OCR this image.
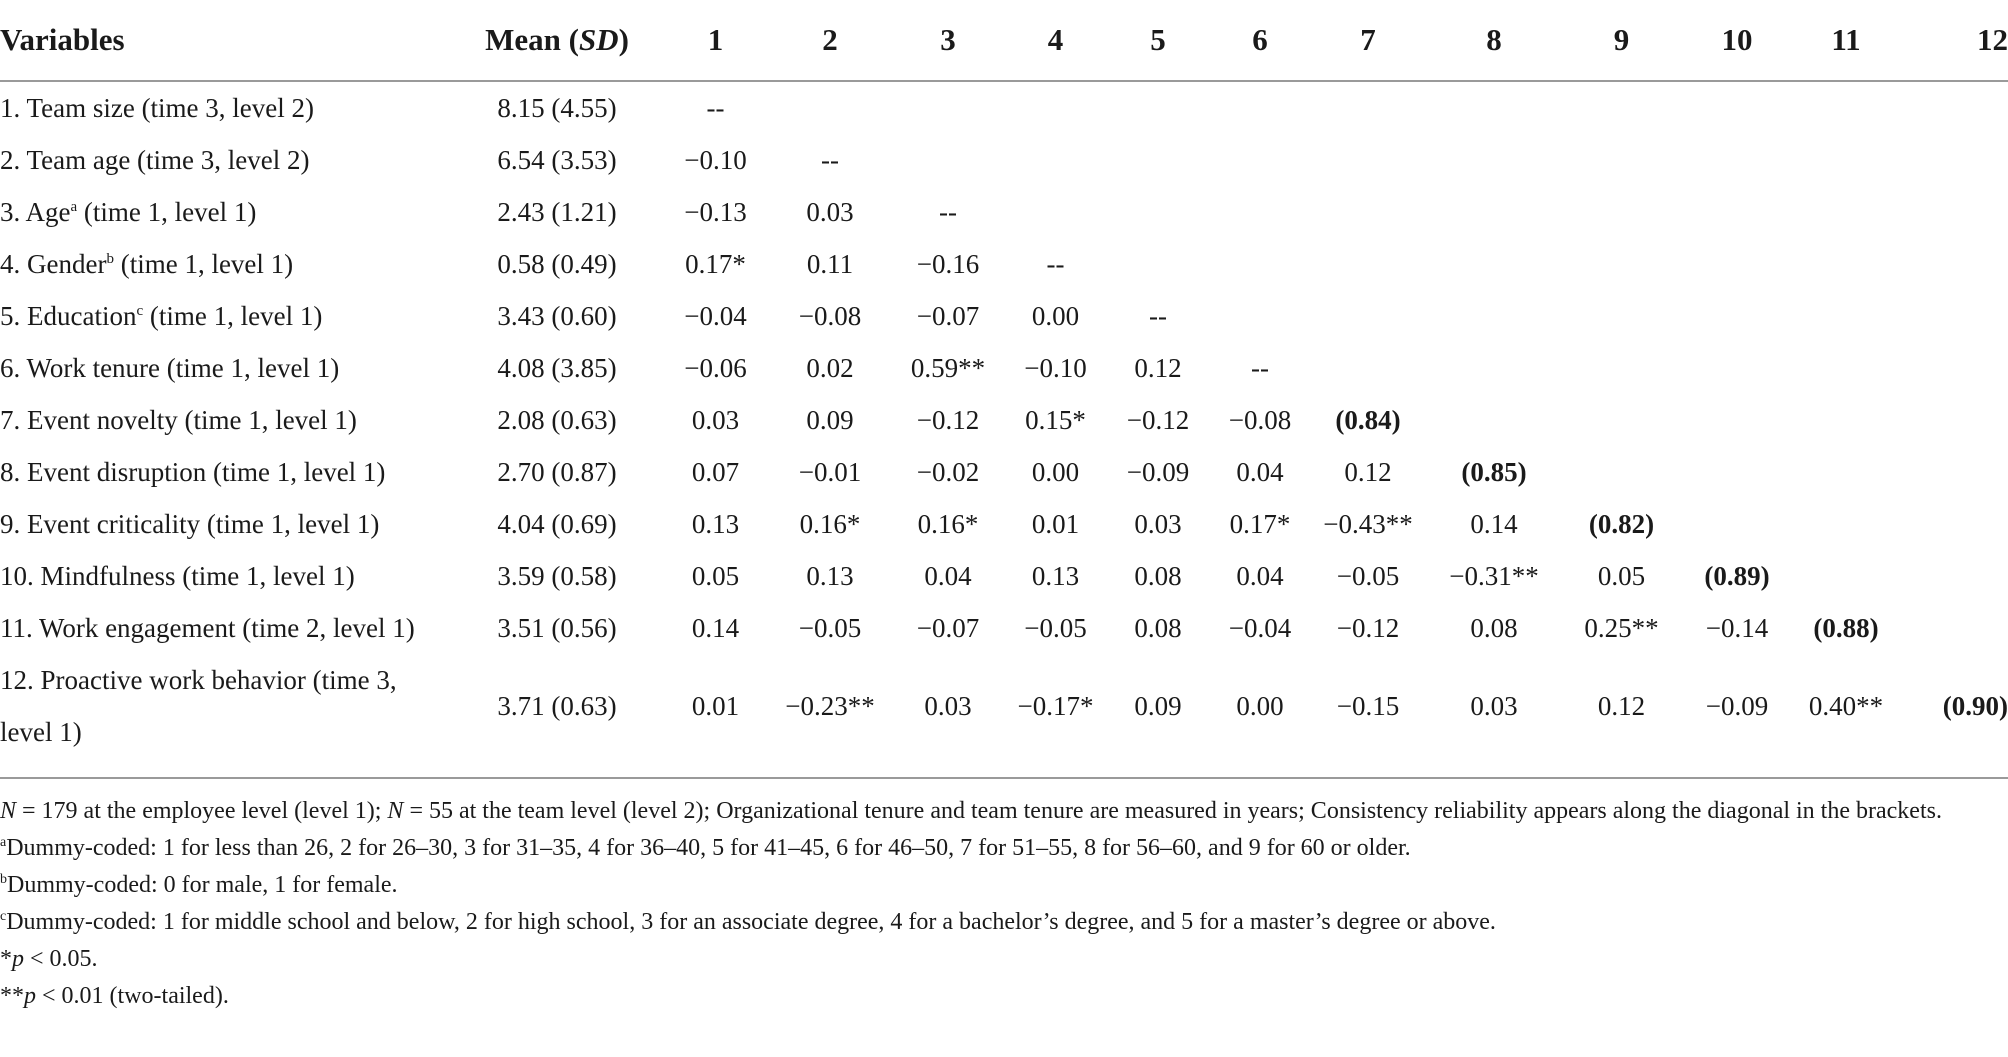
Variables	Mean (SD)	1	2	3	4	5	6	7	8	9	10	11	12
1. Team size (time 3, level 2)	8.15 (4.55)	--											
2. Team age (time 3, level 2)	6.54 (3.53)	−0.10	--										
3. Age$^a$ (time 1, level 1)	2.43 (1.21)	−0.13	0.03	--									
4. Gender$^b$ (time 1, level 1)	0.58 (0.49)	0.17*	0.11	−0.16	--								
5. Education$^c$ (time 1, level 1)	3.43 (0.60)	−0.04	−0.08	−0.07	0.00	--							
6. Work tenure (time 1, level 1)	4.08 (3.85)	−0.06	0.02	0.59**	−0.10	0.12	--						
7. Event novelty (time 1, level 1)	2.08 (0.63)	0.03	0.09	−0.12	0.15*	−0.12	−0.08	(0.84)					
8. Event disruption (time 1, level 1)	2.70 (0.87)	0.07	−0.01	−0.02	0.00	−0.09	0.04	0.12	(0.85)				
9. Event criticality (time 1, level 1)	4.04 (0.69)	0.13	0.16*	0.16*	0.01	0.03	0.17*	−0.43**	0.14	(0.82)			
10. Mindfulness (time 1, level 1)	3.59 (0.58)	0.05	0.13	0.04	0.13	0.08	0.04	−0.05	−0.31**	0.05	(0.89)		
11. Work engagement (time 2, level 1)	3.51 (0.56)	0.14	−0.05	−0.07	−0.05	0.08	−0.04	−0.12	0.08	0.25**	−0.14	(0.88)	
12. Proactive work behavior (time 3, level 1)	3.71 (0.63)	0.01	−0.23**	0.03	−0.17*	0.09	0.00	−0.15	0.03	0.12	−0.09	0.40**	(0.90)

N = 179 at the employee level (level 1); N = 55 at the team level (level 2); Organizational tenure and team tenure are measured in years; Consistency reliability appears along the diagonal in the brackets.

$^a$Dummy-coded: 1 for less than 26, 2 for 26–30, 3 for 31–35, 4 for 36–40, 5 for 41–45, 6 for 46–50, 7 for 51–55, 8 for 56–60, and 9 for 60 or older.

$^b$Dummy-coded: 0 for male, 1 for female.

$^c$Dummy-coded: 1 for middle school and below, 2 for high school, 3 for an associate degree, 4 for a bachelor’s degree, and 5 for a master’s degree or above.

*p < 0.05.

**p < 0.01 (two-tailed).
